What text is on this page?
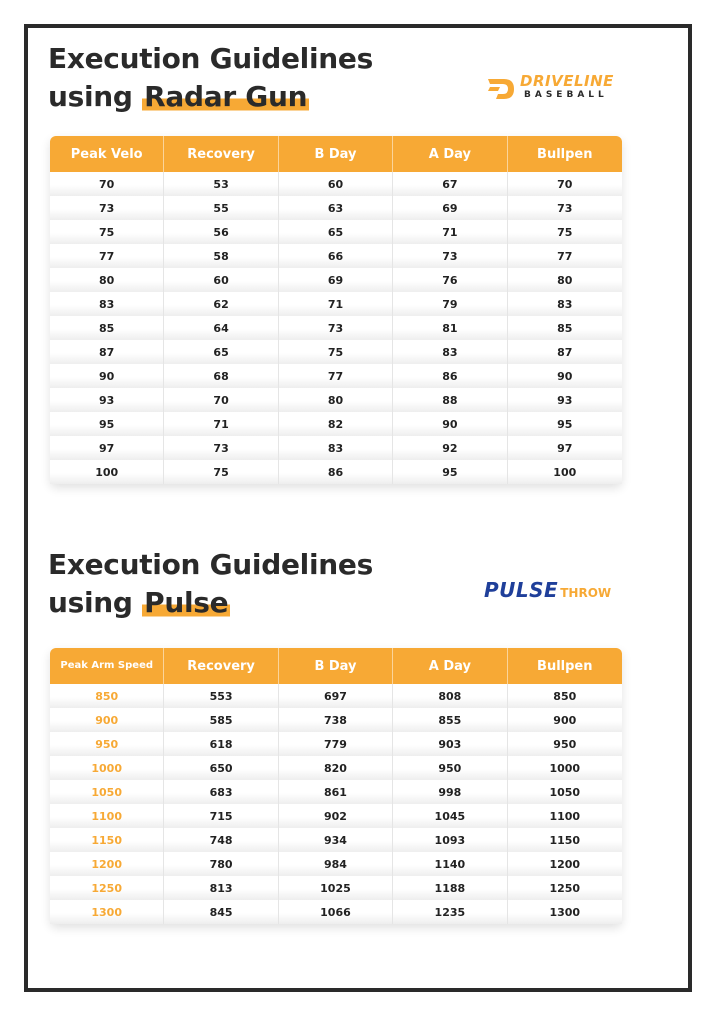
Execution Guidelines
using Radar Gun	DRIVELINE
BASEBALL
Peak Velo	Recovery	B Day	A Day	Bullpen
70	53	60	67	70
73	55	63	69	73
75	56	65	71	75
77	58	66	73	77
80	60	69	76	80
83	62	71	79	83
85	64	73	81	85
87	65	75	83	87
90	68	77	86	90
93	70	80	88	93
95	71	82	90	95
97	73	83	92	97
100	75	86	95	100
Execution Guidelines
using Pulse	PULSE THROW
Peak Arm Speed	Recovery	B Day	A Day	Bullpen
850	553	697	808	850
900	585	738	855	900
950	618	779	903	950
1000	650	820	950	1000
1050	683	861	998	1050
1100	715	902	1045	1100
1150	748	934	1093	1150
1200	780	984	1140	1200
1250	813	1025	1188	1250
1300	845	1066	1235	1300
